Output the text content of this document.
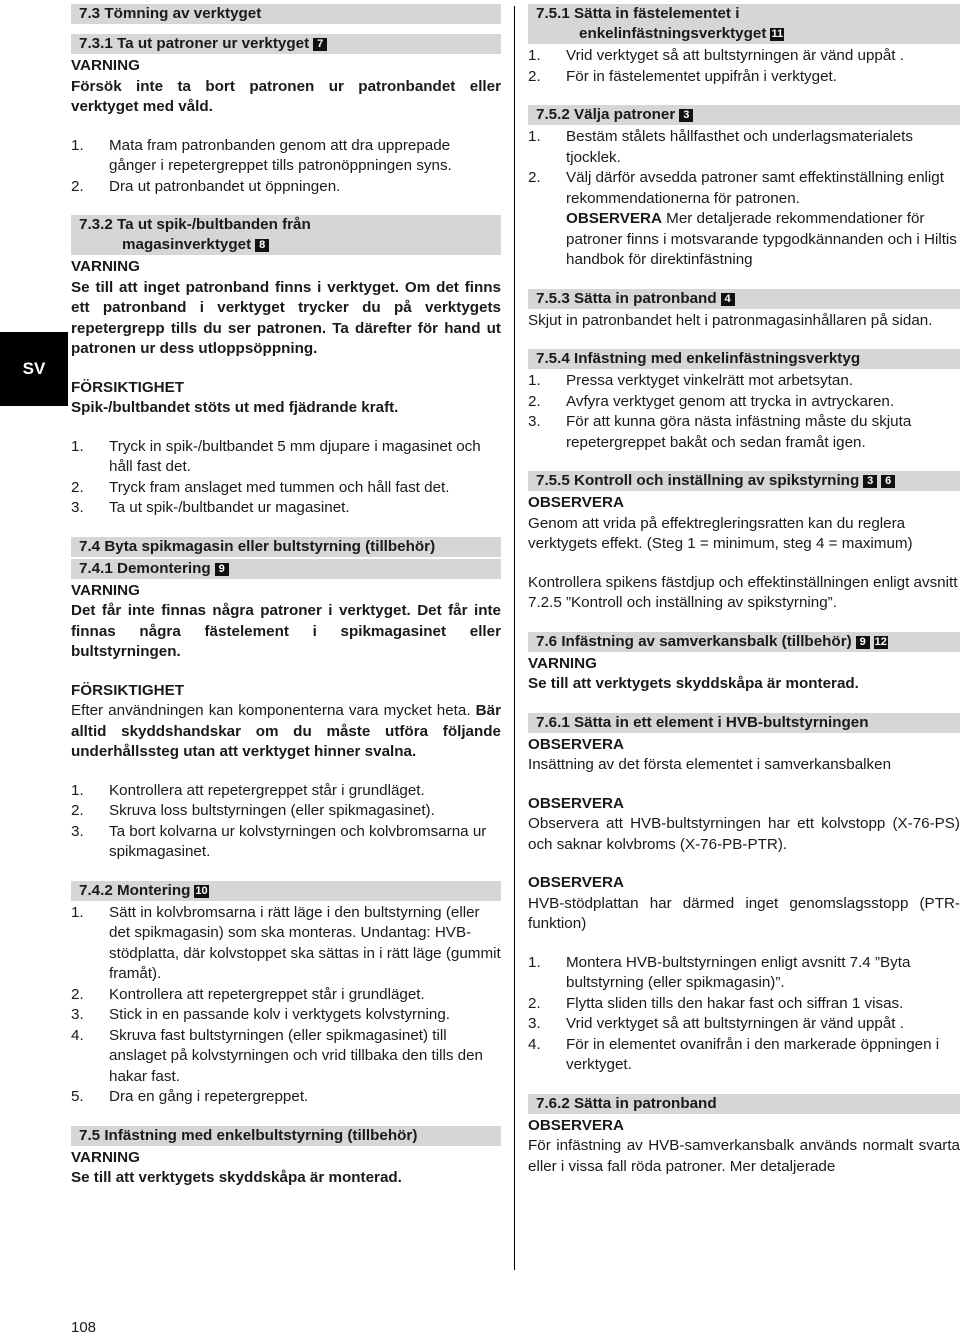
SV
7.3 Tömning av verktyget
7.3.1 Ta ut patroner ur verktyget 7

VARNING

Försök inte ta bort patronen ur patronbandet eller verktyget med våld.

1. Mata fram patronbanden genom att dra upprepade gånger i repetergreppet tills patronöppningen syns.
2. Dra ut patronbandet ut öppningen.
7.3.2 Ta ut spik-/bultbanden från
magasinverktyget 8

VARNING

Se till att inget patronband finns i verktyget. Om det finns ett patronband i verktyget trycker du på verktygets repetergrepp tills du ser patronen. Ta därefter för hand ut patronen ur dess utloppsöppning.

FÖRSIKTIGHET

Spik-/bultbandet stöts ut med fjädrande kraft.

1. Tryck in spik-/bultbandet 5 mm djupare i magasinet och håll fast det.
2. Tryck fram anslaget med tummen och håll fast det.
3. Ta ut spik-/bultbandet ur magasinet.
7.4 Byta spikmagasin eller bultstyrning (tillbehör)
7.4.1 Demontering 9

VARNING

Det får inte finnas några patroner i verktyget. Det får inte finnas några fästelement i spikmagasinet eller bultstyrningen.

FÖRSIKTIGHET

Efter användningen kan komponenterna vara mycket heta. Bär alltid skyddshandskar om du måste utföra följande underhållssteg utan att verktyget hinner svalna.

1. Kontrollera att repetergreppet står i grundläget.
2. Skruva loss bultstyrningen (eller spikmagasinet).
3. Ta bort kolvarna ur kolvstyrningen och kolvbromsarna ur spikmagasinet.
7.4.2 Montering 10
1. Sätt in kolvbromsarna i rätt läge i den bultstyrning (eller det spikmagasin) som ska monteras. Undantag: HVB-stödplatta, där kolvstoppet ska sättas in i rätt läge (gummit framåt).
2. Kontrollera att repetergreppet står i grundläget.
3. Stick in en passande kolv i verktygets kolvstyrning.
4. Skruva fast bultstyrningen (eller spikmagasinet) till anslaget på kolvstyrningen och vrid tillbaka den tills den hakar fast.
5. Dra en gång i repetergreppet.
7.5 Infästning med enkelbultstyrning (tillbehör)

VARNING

Se till att verktygets skyddskåpa är monterad.

7.5.1 Sätta in fästelementet i
enkelinfästningsverktyget 11
1. Vrid verktyget så att bultstyrningen är vänd uppåt .
2. För in fästelementet uppifrån i verktyget.
7.5.2 Välja patroner 3
1. Bestäm stålets hållfasthet och underlagsmaterialets tjocklek.
2. Välj därför avsedda patroner samt effektinställning enligt rekommendationerna för patronen.
OBSERVERA Mer detaljerade rekommendationer för patroner finns i motsvarande typgodkännanden och i Hiltis handbok för direktinfästning
7.5.3 Sätta in patronband 4

Skjut in patronbandet helt i patronmagasinhållaren på sidan.

7.5.4 Infästning med enkelinfästningsverktyg
1. Pressa verktyget vinkelrätt mot arbetsytan.
2. Avfyra verktyget genom att trycka in avtryckaren.
3. För att kunna göra nästa infästning måste du skjuta repetergreppet bakåt och sedan framåt igen.
7.5.5 Kontroll och inställning av spikstyrning 3 6

OBSERVERA

Genom att vrida på effektregleringsratten kan du reglera verktygets effekt. (Steg 1 = minimum, steg 4 = maximum)

Kontrollera spikens fästdjup och effektinställningen enligt avsnitt 7.2.5 ”Kontroll och inställning av spikstyrning”.

7.6 Infästning av samverkansbalk (tillbehör) 9 12

VARNING

Se till att verktygets skyddskåpa är monterad.

7.6.1 Sätta in ett element i HVB-bultstyrningen

OBSERVERA

Insättning av det första elementet i samverkansbalken

OBSERVERA

Observera att HVB-bultstyrningen har ett kolvstopp (X-76-PS) och saknar kolvbroms (X-76-PB-PTR).

OBSERVERA

HVB-stödplattan har därmed inget genomslagsstopp (PTR-funktion)

1. Montera HVB-bultstyrningen enligt avsnitt 7.4 ”Byta bultstyrning (eller spikmagasin)”.
2. Flytta sliden tills den hakar fast och siffran 1 visas.
3. Vrid verktyget så att bultstyrningen är vänd uppåt .
4. För in elementet ovanifrån i den markerade öppningen i verktyget.
7.6.2 Sätta in patronband

OBSERVERA

För infästning av HVB-samverkansbalk används normalt svarta eller i vissa fall röda patroner. Mer detaljerade

108
